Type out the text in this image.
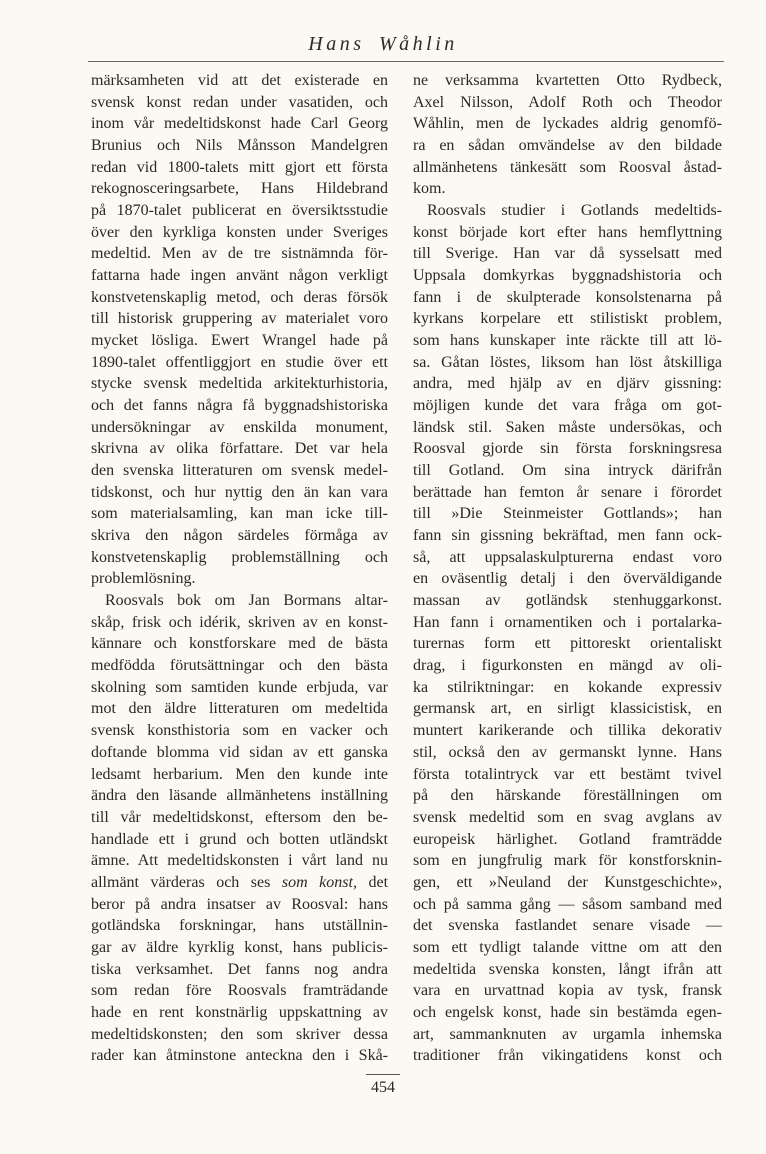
Hans Wåhlin
märksamheten vid att det existerade en
svensk konst redan under vasatiden, och
inom vår medeltidskonst hade Carl Georg
Brunius och Nils Månsson Mandelgren
redan vid 1800-talets mitt gjort ett första
rekognosceringsarbete, Hans Hildebrand
på 1870-talet publicerat en översiktsstudie
över den kyrkliga konsten under Sveriges
medeltid. Men av de tre sistnämnda för-
fattarna hade ingen använt någon verkligt
konstvetenskaplig metod, och deras försök
till historisk gruppering av materialet voro
mycket lösliga. Ewert Wrangel hade på
1890-talet offentliggjort en studie över ett
stycke svensk medeltida arkitekturhistoria,
och det fanns några få byggnadshistoriska
undersökningar av enskilda monument,
skrivna av olika författare. Det var hela
den svenska litteraturen om svensk medel-
tidskonst, och hur nyttig den än kan vara
som materialsamling, kan man icke till-
skriva den någon särdeles förmåga av
konstvetenskaplig problemställning och
problemlösning.
Roosvals bok om Jan Bormans altar-
skåp, frisk och idérik, skriven av en konst-
kännare och konstforskare med de bästa
medfödda förutsättningar och den bästa
skolning som samtiden kunde erbjuda, var
mot den äldre litteraturen om medeltida
svensk konsthistoria som en vacker och
doftande blomma vid sidan av ett ganska
ledsamt herbarium. Men den kunde inte
ändra den läsande allmänhetens inställning
till vår medeltidskonst, eftersom den be-
handlade ett i grund och botten utländskt
ämne. Att medeltidskonsten i vårt land nu
allmänt värderas och ses som konst, det
beror på andra insatser av Roosval: hans
gotländska forskningar, hans utställnin-
gar av äldre kyrklig konst, hans publicis-
tiska verksamhet. Det fanns nog andra
som redan före Roosvals framträdande
hade en rent konstnärlig uppskattning av
medeltidskonsten; den som skriver dessa
rader kan åtminstone anteckna den i Skå-
ne verksamma kvartetten Otto Rydbeck,
Axel Nilsson, Adolf Roth och Theodor
Wåhlin, men de lyckades aldrig genomfö-
ra en sådan omvändelse av den bildade
allmänhetens tänkesätt som Roosval åstad-
kom.
Roosvals studier i Gotlands medeltids-
konst började kort efter hans hemflyttning
till Sverige. Han var då sysselsatt med
Uppsala domkyrkas byggnadshistoria och
fann i de skulpterade konsolstenarna på
kyrkans korpelare ett stilistiskt problem,
som hans kunskaper inte räckte till att lö-
sa. Gåtan löstes, liksom han löst åtskilliga
andra, med hjälp av en djärv gissning:
möjligen kunde det vara fråga om got-
ländsk stil. Saken måste undersökas, och
Roosval gjorde sin första forskningsresa
till Gotland. Om sina intryck därifrån
berättade han femton år senare i förordet
till »Die Steinmeister Gottlands»; han
fann sin gissning bekräftad, men fann ock-
så, att uppsalaskulpturerna endast voro
en oväsentlig detalj i den överväldigande
massan av gotländsk stenhuggarkonst.
Han fann i ornamentiken och i portalarka-
turernas form ett pittoreskt orientaliskt
drag, i figurkonsten en mängd av oli-
ka stilriktningar: en kokande expressiv
germansk art, en sirligt klassicistisk, en
muntert karikerande och tillika dekorativ
stil, också den av germanskt lynne. Hans
första totalintryck var ett bestämt tvivel
på den härskande föreställningen om
svensk medeltid som en svag avglans av
europeisk härlighet. Gotland framträdde
som en jungfrulig mark för konstforsknin-
gen, ett »Neuland der Kunstgeschichte»,
och på samma gång — såsom samband med
det svenska fastlandet senare visade —
som ett tydligt talande vittne om att den
medeltida svenska konsten, långt ifrån att
vara en urvattnad kopia av tysk, fransk
och engelsk konst, hade sin bestämda egen-
art, sammanknuten av urgamla inhemska
traditioner från vikingatidens konst och
454
